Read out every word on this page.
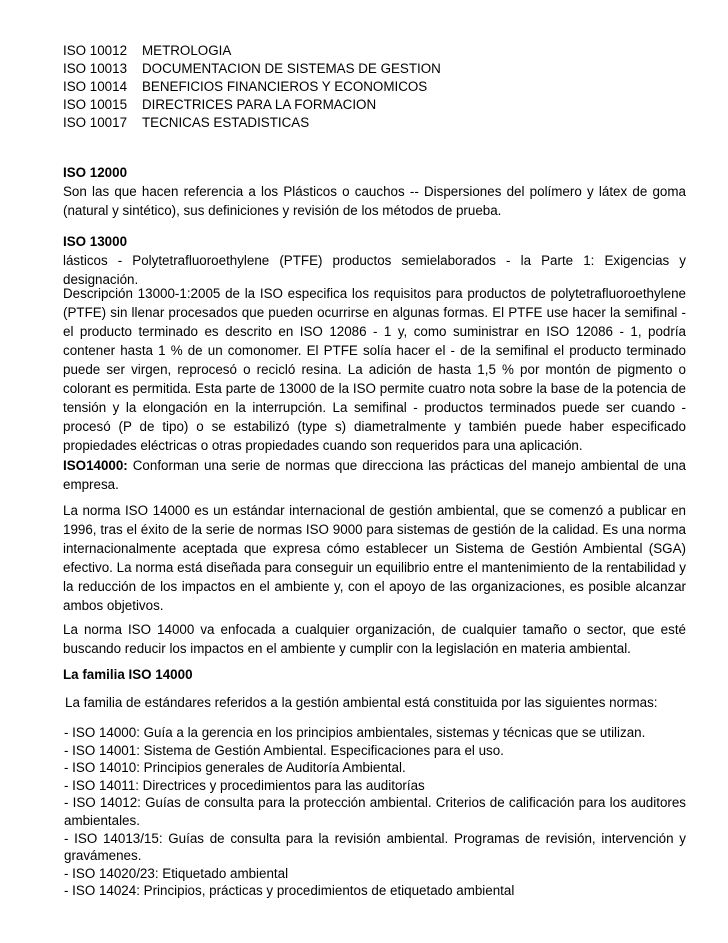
ISO 10012 METROLOGIA
ISO 10013 DOCUMENTACION DE SISTEMAS DE GESTION
ISO 10014 BENEFICIOS FINANCIEROS Y ECONOMICOS
ISO 10015 DIRECTRICES PARA LA FORMACION
ISO 10017 TECNICAS ESTADISTICAS

ISO 12000

Son las que hacen referencia a los Plásticos o cauchos -- Dispersiones del polímero y látex de goma (natural y sintético), sus definiciones y revisión de los métodos de prueba.

ISO 13000

lásticos - Polytetrafluoroethylene (PTFE) productos semielaborados - la Parte 1: Exigencias y designación.

Descripción 13000-1:2005 de la ISO especifica los requisitos para productos de polytetrafluoroethylene (PTFE) sin llenar procesados que pueden ocurrirse en algunas formas. El PTFE use hacer la semifinal - el producto terminado es descrito en ISO 12086 - 1 y, como suministrar en ISO 12086 - 1, podría contener hasta 1 % de un comonomer. El PTFE solía hacer el - de la semifinal el producto terminado puede ser virgen, reprocesó o recicló resina. La adición de hasta 1,5 % por montón de pigmento o colorant es permitida. Esta parte de 13000 de la ISO permite cuatro nota sobre la base de la potencia de tensión y la elongación en la interrupción. La semifinal - productos terminados puede ser cuando - procesó (P de tipo) o se estabilizó (type s) diametralmente y también puede haber especificado propiedades eléctricas o otras propiedades cuando son requeridos para una aplicación.

ISO14000: Conforman una serie de normas que direcciona las prácticas del manejo ambiental de una empresa.

La norma ISO 14000 es un estándar internacional de gestión ambiental, que se comenzó a publicar en 1996, tras el éxito de la serie de normas ISO 9000 para sistemas de gestión de la calidad. Es una norma internacionalmente aceptada que expresa cómo establecer un Sistema de Gestión Ambiental (SGA) efectivo. La norma está diseñada para conseguir un equilibrio entre el mantenimiento de la rentabilidad y la reducción de los impactos en el ambiente y, con el apoyo de las organizaciones, es posible alcanzar ambos objetivos.

La norma ISO 14000 va enfocada a cualquier organización, de cualquier tamaño o sector, que esté buscando reducir los impactos en el ambiente y cumplir con la legislación en materia ambiental.

La familia ISO 14000

La familia de estándares referidos a la gestión ambiental está constituida por las siguientes normas:

- ISO 14000: Guía a la gerencia en los principios ambientales, sistemas y técnicas que se utilizan.

- ISO 14001: Sistema de Gestión Ambiental. Especificaciones para el uso.

- ISO 14010: Principios generales de Auditoría Ambiental.

- ISO 14011: Directrices y procedimientos para las auditorías

- ISO 14012: Guías de consulta para la protección ambiental. Criterios de calificación para los auditores ambientales.

- ISO 14013/15: Guías de consulta para la revisión ambiental. Programas de revisión, intervención y gravámenes.

- ISO 14020/23: Etiquetado ambiental

- ISO 14024: Principios, prácticas y procedimientos de etiquetado ambiental
